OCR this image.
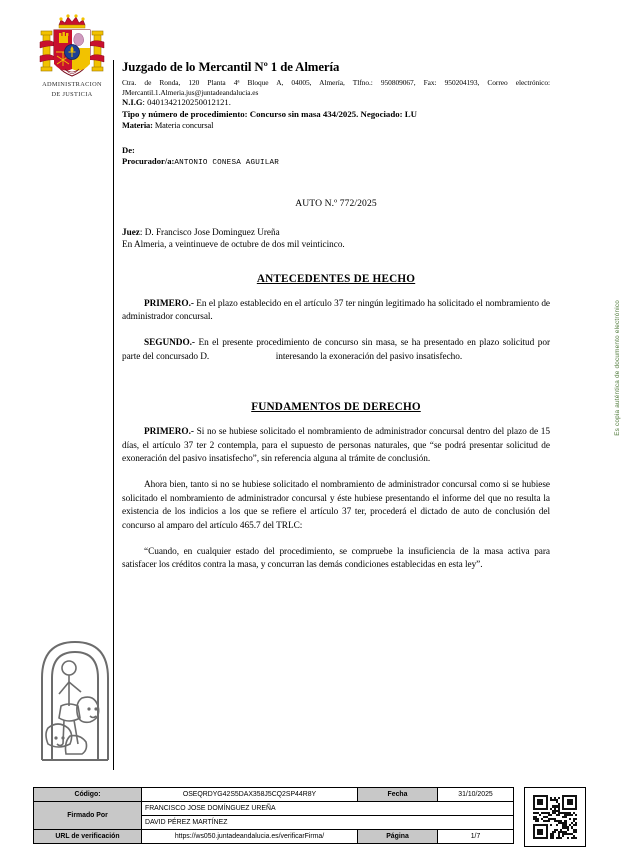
ADMINISTRACION
DE JUSTICIA
Juzgado de lo Mercantil Nº 1 de Almería
Ctra. de Ronda, 120 Planta 4ª Bloque A, 04005, Almería, Tlfno.: 950809067, Fax: 950204193, Correo electrónico: JMercantil.1.Almeria.jus@juntadeandalucia.es
N.I.G: 0401342120250012121.
Tipo y número de procedimiento: Concurso sin masa 434/2025. Negociado: LU
Materia: Materia concursal
De:
Procurador/a:ANTONIO CONESA AGUILAR
AUTO N.º 772/2025
Juez: D. Francisco Jose Dominguez Ureña
En Almeria, a veintinueve de octubre de dos mil veinticinco.
ANTECEDENTES DE HECHO

PRIMERO.- En el plazo establecido en el artículo 37 ter ningún legitimado ha solicitado el nombramiento de administrador concursal.

SEGUNDO.- En el presente procedimiento de concurso sin masa, se ha presentado en plazo solicitud por parte del concursado D.	interesando la exoneración del pasivo insatisfecho.

FUNDAMENTOS DE DERECHO

PRIMERO.- Si no se hubiese solicitado el nombramiento de administrador concursal dentro del plazo de 15 días, el artículo 37 ter 2 contempla, para el supuesto de personas naturales, que “se podrá presentar solicitud de exoneración del pasivo insatisfecho”, sin referencia alguna al trámite de conclusión.

Ahora bien, tanto si no se hubiese solicitado el nombramiento de administrador concursal como si se hubiese solicitado el nombramiento de administrador concursal y éste hubiese presentando el informe del que no resulta la existencia de los indicios a los que se refiere el artículo 37 ter, procederá el dictado de auto de conclusión del concurso al amparo del artículo 465.7 del TRLC:

“Cuando, en cualquier estado del procedimiento, se compruebe la insuficiencia de la masa activa para satisfacer los créditos contra la masa, y concurran las demás condiciones establecidas en esta ley”.

Es copia auténtica de documento electrónico
Código:	OSEQRDYG42S5DAX358J5CQ2SP44R8Y	Fecha	31/10/2025
Firmado Por	FRANCISCO JOSE DOMÍNGUEZ UREÑA		
	DAVID PÉREZ MARTÍNEZ		
URL de verificación	https://ws050.juntadeandalucia.es/verificarFirma/	Página	1/7
